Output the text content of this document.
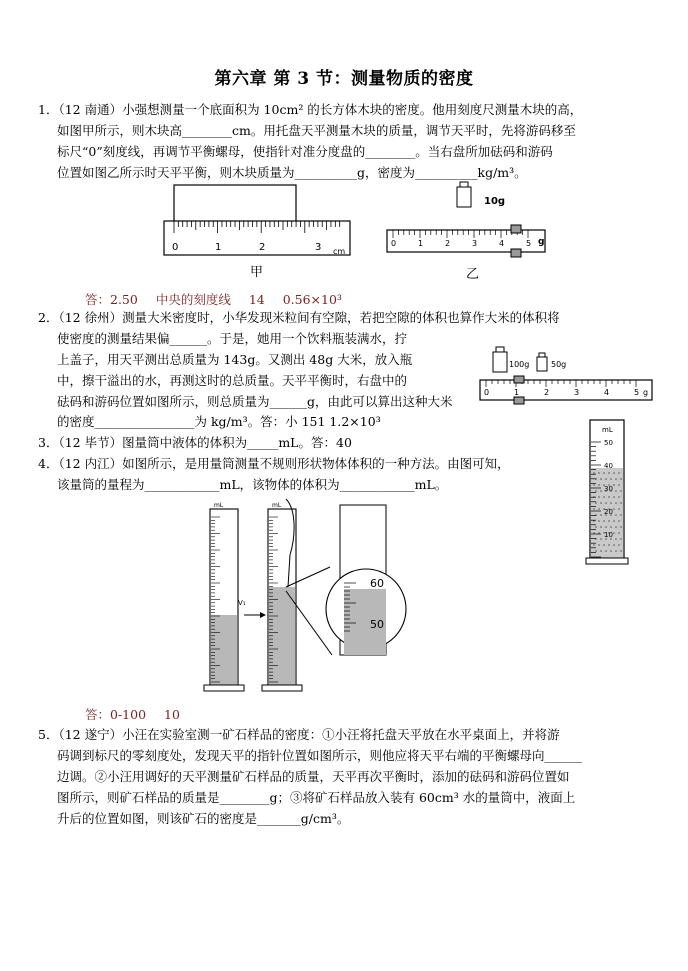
第六章 第 3 节：测量物质的密度
1．（12 南通）小强想测量一个底面积为 10cm² 的长方体木块的密度。他用刻度尺测量木块的高，
如图甲所示，则木块高________cm。用托盘天平测量木块的质量，调节天平时，先将游码移至
标尺“0”刻度线，再调节平衡螺母，使指针对准分度盘的________。当右盘所加砝码和游码
位置如图乙所示时天平平衡，则木块质量为__________g，密度为__________kg/m³。
0	1	2	3 cm
甲
10g
0	1	2	3	4	5 g
乙
答：2.50 中央的刻度线 14 0.56×10³
2．（12 徐州）测量大米密度时，小华发现米粒间有空隙，若把空隙的体积也算作大米的体积将
使密度的测量结果偏______。于是，她用一个饮料瓶装满水，拧
上盖子，用天平测出总质量为 143g。又测出 48g 大米，放入瓶
中，擦干溢出的水，再测这时的总质量。天平平衡时，右盘中的
砝码和游码位置如图所示，则总质量为______g，由此可以算出这种大米
的密度________________为 kg/m³。答：小 151 1.2×10³
100g	50g
0	1	2	3	4	5 g
3．（12 毕节）图量筒中液体的体积为_____mL。答：40
mL
50
40
30
20
10
4．（12 内江）如图所示，是用量筒测量不规则形状物体体积的一种方法。由图可知，
该量筒的量程为____________mL，该物体的体积为____________mL。
mL
V₁
mL
60
50
答：0-100 10
5．（12 遂宁）小汪在实验室测一矿石样品的密度：①小汪将托盘天平放在水平桌面上，并将游
码调到标尺的零刻度处，发现天平的指针位置如图所示，则他应将天平右端的平衡螺母向______
边调。②小汪用调好的天平测量矿石样品的质量，天平再次平衡时，添加的砝码和游码位置如
图所示，则矿石样品的质量是________g；③将矿石样品放入装有 60cm³ 水的量筒中，液面上
升后的位置如图，则该矿石的密度是_______g/cm³。
